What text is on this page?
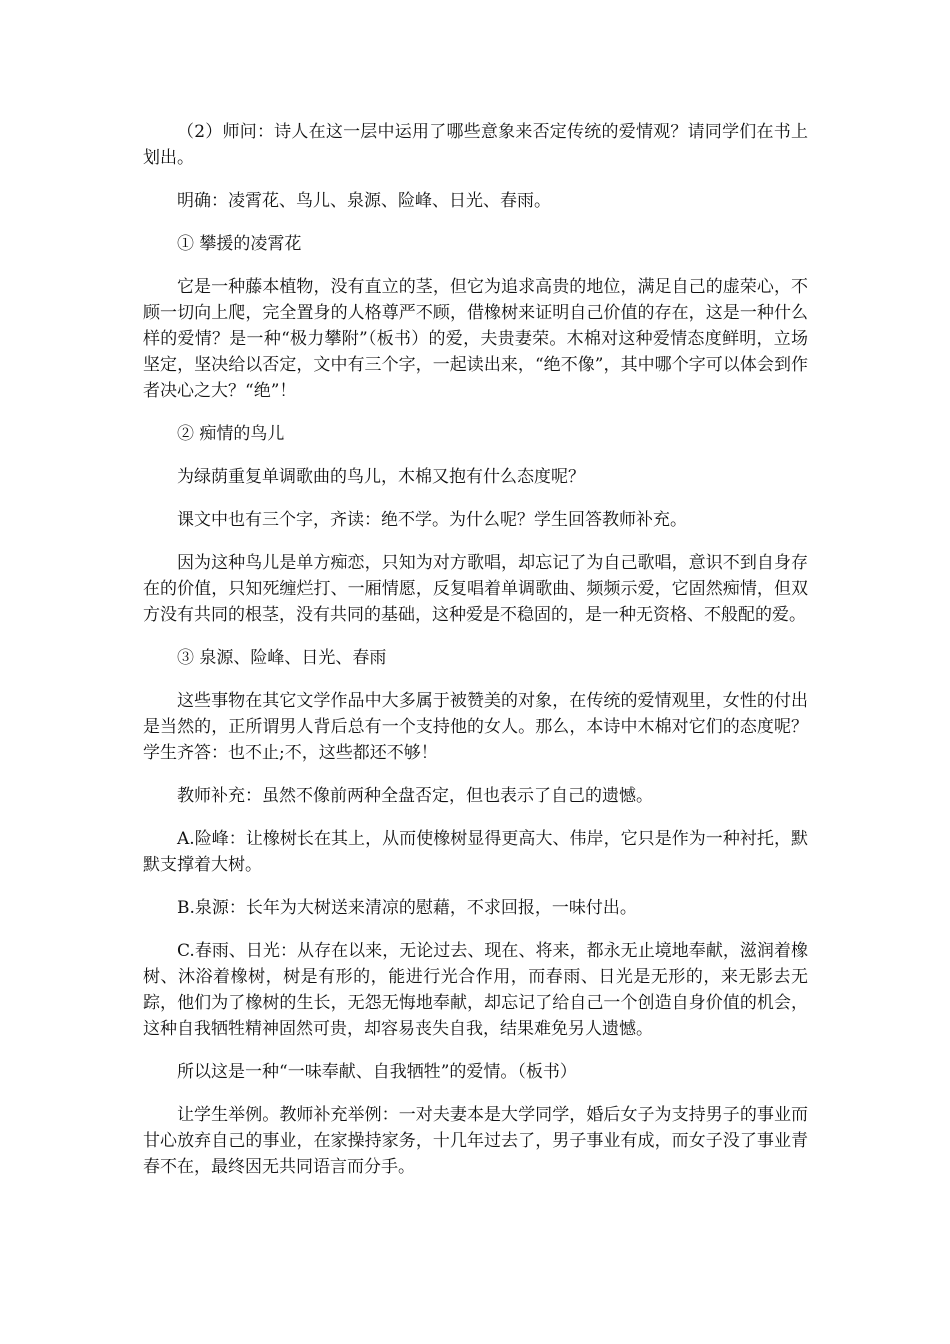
（2）师问：诗人在这一层中运用了哪些意象来否定传统的爱情观？请同学们在书上划出。

明确：凌霄花、鸟儿、泉源、险峰、日光、春雨。

① 攀援的凌霄花

它是一种藤本植物，没有直立的茎，但它为追求高贵的地位，满足自己的虚荣心，不顾一切向上爬，完全置身的人格尊严不顾，借橡树来证明自己价值的存在，这是一种什么样的爱情？是一种“极力攀附”（板书）的爱，夫贵妻荣。木棉对这种爱情态度鲜明，立场坚定，坚决给以否定，文中有三个字，一起读出来，“绝不像”，其中哪个字可以体会到作者决心之大？“绝”！

② 痴情的鸟儿

为绿荫重复单调歌曲的鸟儿，木棉又抱有什么态度呢？

课文中也有三个字，齐读：绝不学。为什么呢？学生回答教师补充。

因为这种鸟儿是单方痴恋，只知为对方歌唱，却忘记了为自己歌唱，意识不到自身存在的价值，只知死缠烂打、一厢情愿，反复唱着单调歌曲、频频示爱，它固然痴情，但双方没有共同的根茎，没有共同的基础，这种爱是不稳固的，是一种无资格、不般配的爱。

③ 泉源、险峰、日光、春雨

这些事物在其它文学作品中大多属于被赞美的对象，在传统的爱情观里，女性的付出是当然的，正所谓男人背后总有一个支持他的女人。那么，本诗中木棉对它们的态度呢？学生齐答：也不止;不，这些都还不够！

教师补充：虽然不像前两种全盘否定，但也表示了自己的遗憾。

A.险峰：让橡树长在其上，从而使橡树显得更高大、伟岸，它只是作为一种衬托，默默支撑着大树。

B.泉源：长年为大树送来清凉的慰藉，不求回报，一味付出。

C.春雨、日光：从存在以来，无论过去、现在、将来，都永无止境地奉献，滋润着橡树、沐浴着橡树，树是有形的，能进行光合作用，而春雨、日光是无形的，来无影去无踪，他们为了橡树的生长，无怨无悔地奉献，却忘记了给自己一个创造自身价值的机会，这种自我牺牲精神固然可贵，却容易丧失自我，结果难免另人遗憾。

所以这是一种“一味奉献、自我牺牲”的爱情。（板书）

让学生举例。教师补充举例：一对夫妻本是大学同学，婚后女子为支持男子的事业而甘心放弃自己的事业，在家操持家务，十几年过去了，男子事业有成，而女子没了事业青春不在，最终因无共同语言而分手。
